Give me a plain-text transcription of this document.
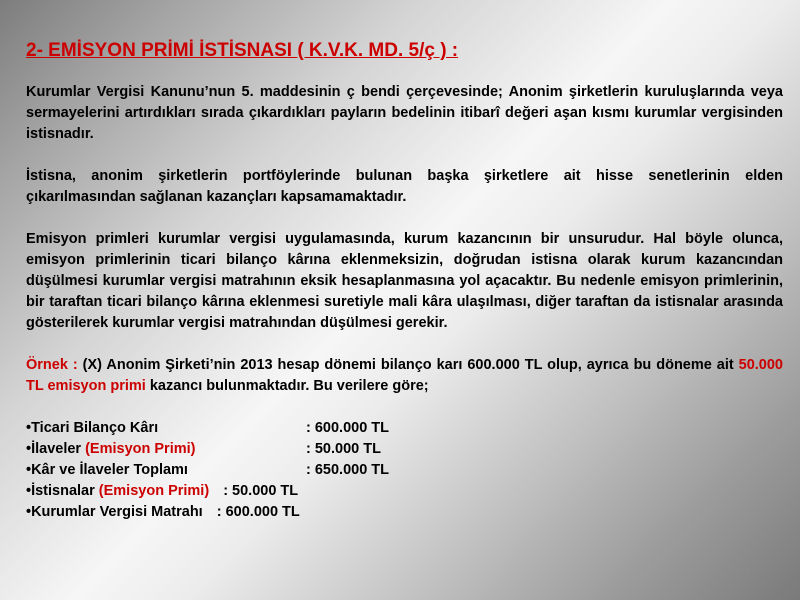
2- EMİSYON PRİMİ İSTİSNASI ( K.V.K. MD. 5/ç ) :

Kurumlar Vergisi Kanunu’nun 5. maddesinin ç bendi çerçevesinde; Anonim şirketlerin kuruluşlarında veya sermayelerini artırdıkları sırada çıkardıkları payların bedelinin itibarî değeri aşan kısmı kurumlar vergisinden istisnadır.

İstisna, anonim şirketlerin portföylerinde bulunan başka şirketlere ait hisse senetlerinin elden çıkarılmasından sağlanan kazançları kapsamamaktadır.

Emisyon primleri kurumlar vergisi uygulamasında, kurum kazancının bir unsurudur. Hal böyle olunca, emisyon primlerinin ticari bilanço kârına eklenmeksizin, doğrudan istisna olarak kurum kazancından düşülmesi kurumlar vergisi matrahının eksik hesaplanmasına yol açacaktır. Bu nedenle emisyon primlerinin, bir taraftan ticari bilanço kârına eklenmesi suretiyle mali kâra ulaşılması, diğer taraftan da istisnalar arasında gösterilerek kurumlar vergisi matrahından düşülmesi gerekir.

Örnek : (X) Anonim Şirketi’nin 2013 hesap dönemi bilanço karı 600.000 TL olup, ayrıca bu döneme ait 50.000 TL emisyon primi kazancı bulunmaktadır. Bu verilere göre;

•Ticari Bilanço Kârı	: 600.000 TL
•İlaveler (Emisyon Primi)	: 50.000 TL
•Kâr ve İlaveler Toplamı	: 650.000 TL
•İstisnalar (Emisyon Primi) : 50.000 TL
•Kurumlar Vergisi Matrahı : 600.000 TL
16
